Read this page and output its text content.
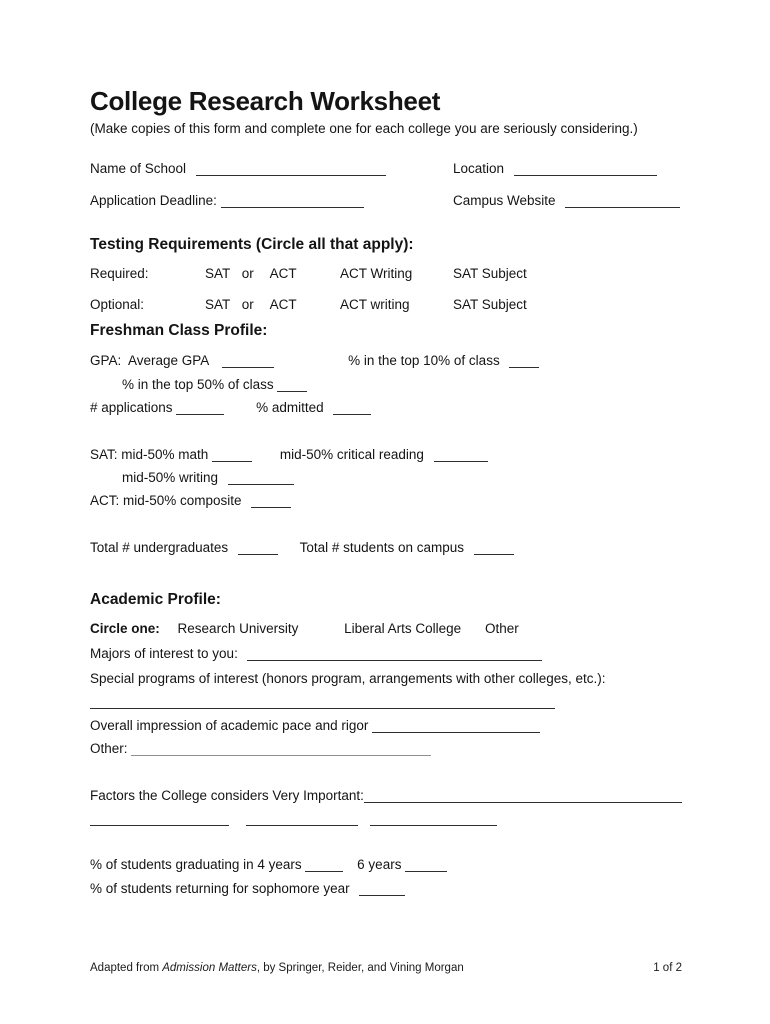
College Research Worksheet
(Make copies of this form and complete one for each college you are seriously considering.)
Name of School	Location
Application Deadline:	Campus Website
Testing Requirements (Circle all that apply):
Required:	SAT or ACT	ACT Writing	SAT Subject
Optional:	SAT or ACT	ACT writing	SAT Subject
Freshman Class Profile:
GPA:  Average GPA	% in the top 10% of class
% in the top 50% of class
# applications	% admitted
SAT: mid-50% math	mid-50% critical reading
mid-50% writing
ACT: mid-50% composite
Total # undergraduates	Total # students on campus
Academic Profile:
Circle one: Research University	Liberal Arts College Other
Majors of interest to you:
Special programs of interest (honors program, arrangements with other colleges, etc.):
Overall impression of academic pace and rigor
Other:
Factors the College considers Very Important:

% of students graduating in 4 years	6 years
% of students returning for sophomore year
Adapted from Admission Matters, by Springer, Reider, and Vining Morgan	1 of 2
